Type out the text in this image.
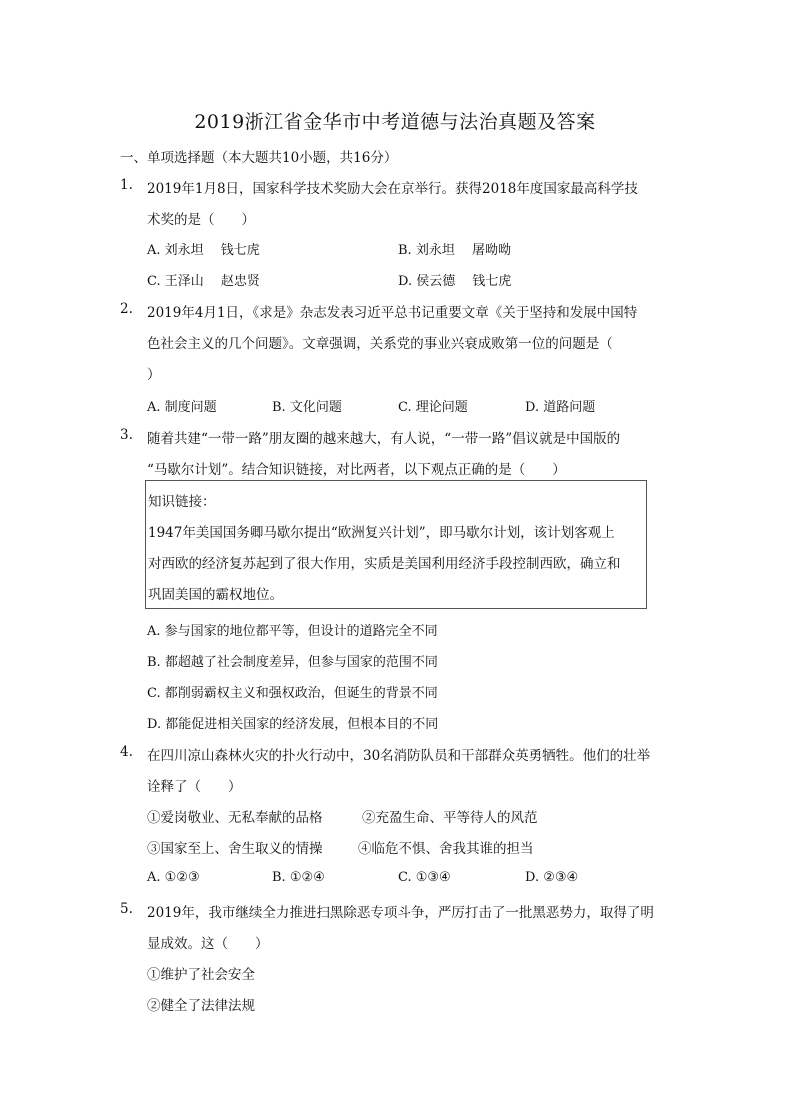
2019浙江省金华市中考道德与法治真题及答案
一、单项选择题（本大题共10小题，共16分）
1. 2019年1月8日，国家科学技术奖励大会在京举行。获得2018年度国家最高科学技
术奖的是（　　）
A. 刘永坦　 钱七虎	B. 刘永坦　 屠呦呦
C. 王泽山　 赵忠贤	D. 侯云德　 钱七虎
2. 2019年4月1日，《求是》杂志发表习近平总书记重要文章《关于坚持和发展中国特
色社会主义的几个问题》。文章强调，关系党的事业兴衰成败第一位的问题是（
）
A. 制度问题	B. 文化问题	C. 理论问题	D. 道路问题
3. 随着共建“一带一路”朋友圈的越来越大，有人说，“一带一路”倡议就是中国版的
“马歇尔计划”。结合知识链接，对比两者，以下观点正确的是（　　）
知识链接：
1947年美国国务卿马歇尔提出“欧洲复兴计划”，即马歇尔计划，该计划客观上
对西欧的经济复苏起到了很大作用，实质是美国利用经济手段控制西欧，确立和
巩固美国的霸权地位。
A. 参与国家的地位都平等，但设计的道路完全不同
B. 都超越了社会制度差异，但参与国家的范围不同
C. 都削弱霸权主义和强权政治，但诞生的背景不同
D. 都能促进相关国家的经济发展，但根本目的不同
4. 在四川凉山森林火灾的扑火行动中，30名消防队员和干部群众英勇牺牲。他们的壮举
诠释了（　　）
①爱岗敬业、无私奉献的品格	②充盈生命、平等待人的风范
③国家至上、舍生取义的情操	④临危不惧、舍我其谁的担当
A. ①②③	B. ①②④	C. ①③④	D. ②③④
5. 2019年，我市继续全力推进扫黑除恶专项斗争，严厉打击了一批黑恶势力，取得了明
显成效。这（　　）
①维护了社会安全
②健全了法律法规
